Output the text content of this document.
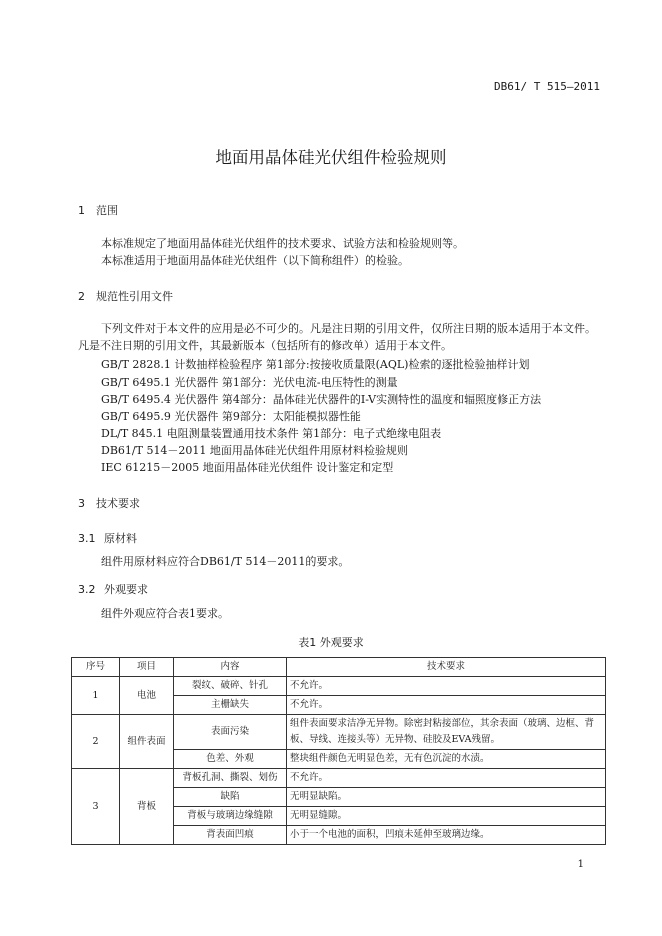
DB61/ T 515—2011
地面用晶体硅光伏组件检验规则
1 范围
本标准规定了地面用晶体硅光伏组件的技术要求、试验方法和检验规则等。
本标准适用于地面用晶体硅光伏组件（以下简称组件）的检验。
2 规范性引用文件
下列文件对于本文件的应用是必不可少的。凡是注日期的引用文件，仅所注日期的版本适用于本文件。凡是不注日期的引用文件，其最新版本（包括所有的修改单）适用于本文件。
GB/T 2828.1 计数抽样检验程序 第1部分:按接收质量限(AQL)检索的逐批检验抽样计划
GB/T 6495.1 光伏器件 第1部分：光伏电流-电压特性的测量
GB/T 6495.4 光伏器件 第4部分：晶体硅光伏器件的I-V实测特性的温度和辐照度修正方法
GB/T 6495.9 光伏器件 第9部分：太阳能模拟器性能
DL/T 845.1 电阻测量装置通用技术条件 第1部分：电子式绝缘电阻表
DB61/T 514－2011 地面用晶体硅光伏组件用原材料检验规则
IEC 61215－2005 地面用晶体硅光伏组件 设计鉴定和定型
3 技术要求
3.1 原材料
组件用原材料应符合DB61/T 514－2011的要求。
3.2 外观要求
组件外观应符合表1要求。
表1 外观要求
序号	项目	内容	技术要求
1	电池	裂纹、破碎、针孔	不允许。
		主栅缺失	不允许。
2	组件表面	表面污染	组件表面要求洁净无异物。除密封粘接部位，其余表面（玻璃、边框、背板、导线、连接头等）无异物、硅胶及EVA残留。
		色差、外观	整块组件颜色无明显色差，无有色沉淀的水渍。
3	背板	背板孔洞、撕裂、划伤	不允许。
		缺陷	无明显缺陷。
		背板与玻璃边缘缝隙	无明显缝隙。
		背表面凹痕	小于一个电池的面积，凹痕未延伸至玻璃边缘。
1
